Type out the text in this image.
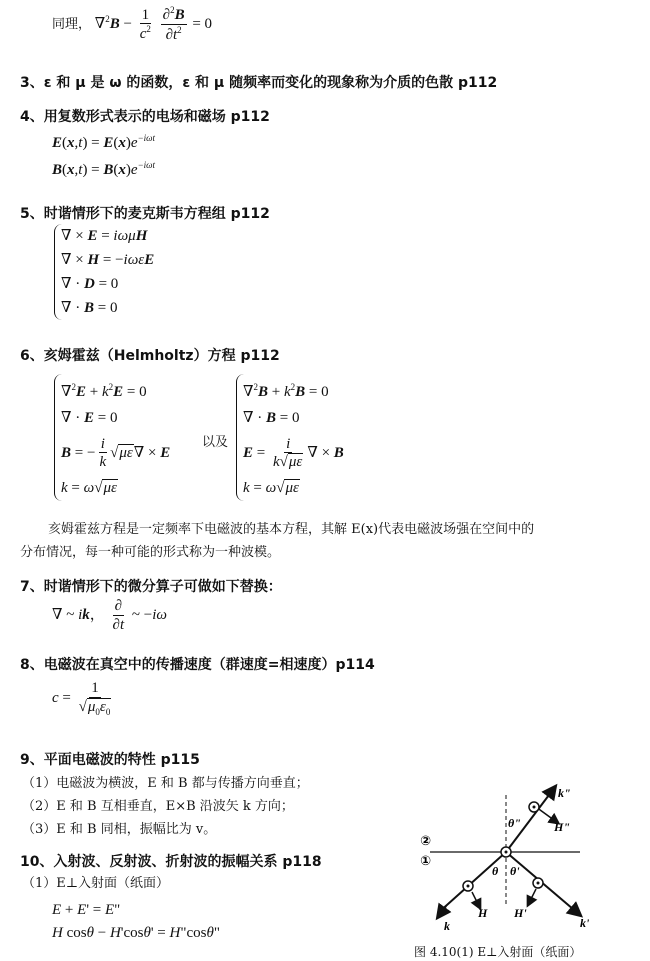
同理， $\nabla^2B - \frac{1}{c^2}$
$\frac{\partial^2B}{\partial t^2} = 0$
3、ε 和 μ 是 ω 的函数，ε 和 μ 随频率而变化的现象称为介质的色散 p112
4、用复数形式表示的电场和磁场 p112
$E(x,t) = E(x)e^{-i\omega t}$
$B(x,t) = B(x)e^{-i\omega t}$
5、时谐情形下的麦克斯韦方程组 p112
∇ × E = iωμH
∇ × H = −iωεE
∇ · D = 0
∇ · B = 0
6、亥姆霍兹（Helmholtz）方程 p112
$\nabla^2E + k^2E = 0$
∇ · E = 0
B = − $\frac{i}{k} √\mu\varepsilon\nabla \times E$
k = ω√με
以及
$\nabla^2B + k^2B = 0$
∇ · B = 0
$E = \frac{i}{k√\mu\varepsilon}$ ∇ × B
k = ω√με
亥姆霍兹方程是一定频率下电磁波的基本方程，其解 E(x)代表电磁波场强在空间中的
分布情况，每一种可能的形式称为一种波模。
7、时谐情形下的微分算子可做如下替换：
∇ ~ ik， $\frac{\partial}{\partial t}$ ~ −iω
8、电磁波在真空中的传播速度（群速度=相速度）p114
$c = \frac{1}{√\mu_0\varepsilon_0}$
9、平面电磁波的特性 p115
（1）电磁波为横波，E 和 B 都与传播方向垂直；
（2）E 和 B 互相垂直，E×B 沿波矢 k 方向；
（3）E 和 B 同相，振幅比为 v。
10、入射波、反射波、折射波的振幅关系 p118
（1）E⊥入射面（纸面）
E + E' = E"
H cosθ − H'cosθ' = H"cosθ"
②
①
k"
H"
θ"
θ θ'
k
H H'
k'
图 4.10(1) E⊥入射面（纸面）
